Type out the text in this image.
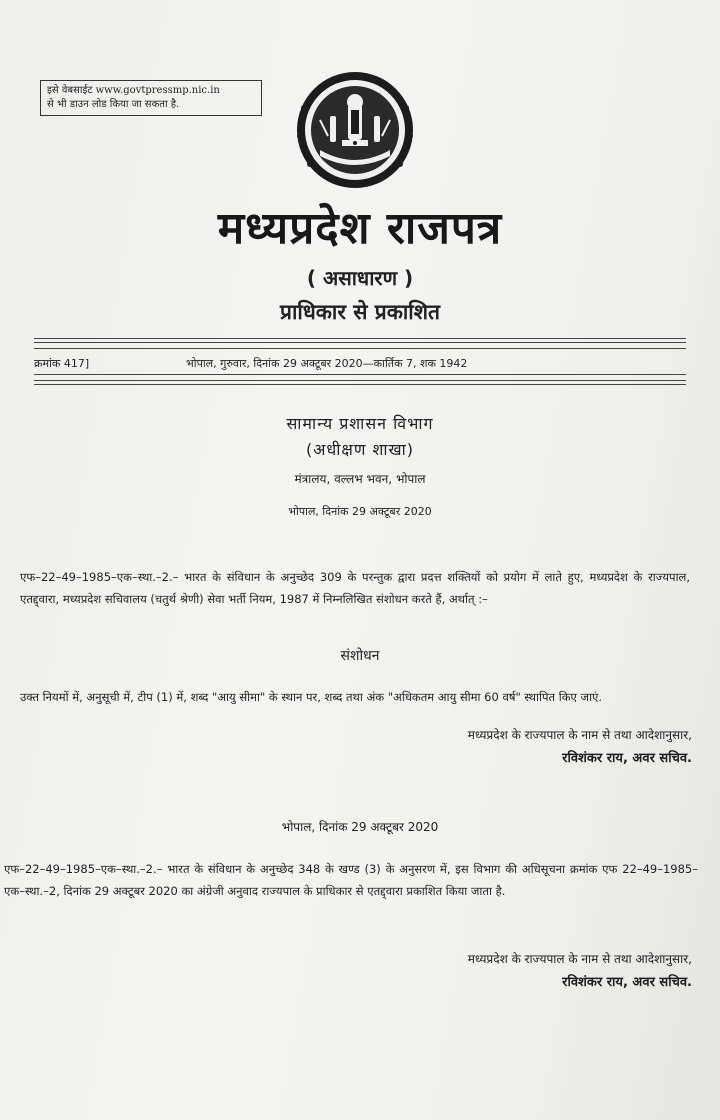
इसे वेबसाईट www.govtpressmp.nic.in
से भी डाउन लोड किया जा सकता है.
मध्यप्रदेश राजपत्र
( असाधारण )
प्राधिकार से प्रकाशित
क्रमांक 417]	भोपाल, गुरुवार, दिनांक 29 अक्टूबर 2020—कार्तिक 7, शक 1942
सामान्य प्रशासन विभाग
(अधीक्षण शाखा)
मंत्रालय, वल्लभ भवन, भोपाल
भोपाल, दिनांक 29 अक्टूबर 2020
एफ–22–49–1985–एक–स्था.–2.– भारत के संविधान के अनुच्छेद 309 के परन्तुक द्वारा प्रदत्त शक्तियों को प्रयोग में लाते हुए, मध्यप्रदेश के राज्यपाल, एतद्द्वारा, मध्यप्रदेश सचिवालय (चतुर्थ श्रेणी) सेवा भर्ती नियम, 1987 में निम्नलिखित संशोधन करते हैं, अर्थात् :–
संशोधन
उक्त नियमों में, अनुसूची में, टीप (1) में, शब्द "आयु सीमा" के स्थान पर, शब्द तथा अंक "अधिकतम आयु सीमा 60 वर्ष" स्थापित किए जाएं.
मध्यप्रदेश के राज्यपाल के नाम से तथा आदेशानुसार,
रविशंकर राय, अवर सचिव.
भोपाल, दिनांक 29 अक्टूबर 2020
एफ–22–49–1985–एक–स्था.–2.– भारत के संविधान के अनुच्छेद 348 के खण्ड (3) के अनुसरण में, इस विभाग की अधिसूचना क्रमांक एफ 22–49–1985– एक–स्था.–2, दिनांक 29 अक्टूबर 2020 का अंग्रेजी अनुवाद राज्यपाल के प्राधिकार से एतद्द्वारा प्रकाशित किया जाता है.
मध्यप्रदेश के राज्यपाल के नाम से तथा आदेशानुसार,
रविशंकर राय, अवर सचिव.
